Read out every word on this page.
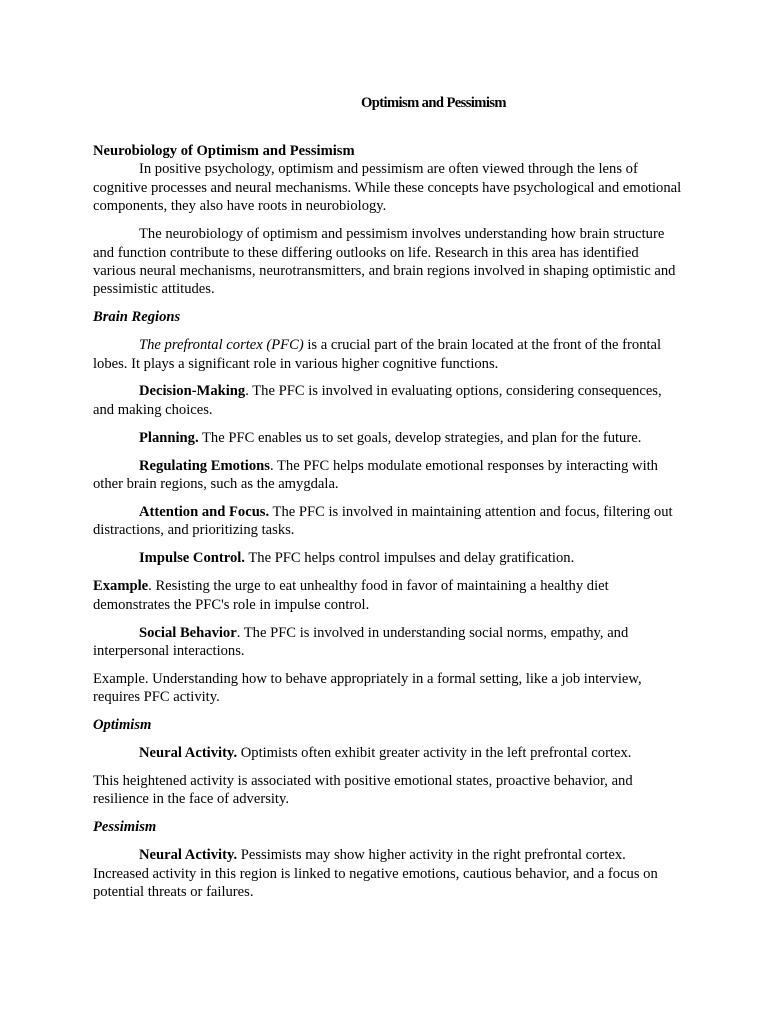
Optimism and Pessimism

Neurobiology of Optimism and Pessimism

In positive psychology, optimism and pessimism are often viewed through the lens of cognitive processes and neural mechanisms. While these concepts have psychological and emotional components, they also have roots in neurobiology.

The neurobiology of optimism and pessimism involves understanding how brain structure and function contribute to these differing outlooks on life. Research in this area has identified various neural mechanisms, neurotransmitters, and brain regions involved in shaping optimistic and pessimistic attitudes.

Brain Regions

The prefrontal cortex (PFC) is a crucial part of the brain located at the front of the frontal lobes. It plays a significant role in various higher cognitive functions.

Decision-Making. The PFC is involved in evaluating options, considering consequences, and making choices.

Planning. The PFC enables us to set goals, develop strategies, and plan for the future.

Regulating Emotions. The PFC helps modulate emotional responses by interacting with other brain regions, such as the amygdala.

Attention and Focus. The PFC is involved in maintaining attention and focus, filtering out distractions, and prioritizing tasks.

Impulse Control. The PFC helps control impulses and delay gratification.

Example. Resisting the urge to eat unhealthy food in favor of maintaining a healthy diet demonstrates the PFC's role in impulse control.

Social Behavior. The PFC is involved in understanding social norms, empathy, and interpersonal interactions.

Example. Understanding how to behave appropriately in a formal setting, like a job interview, requires PFC activity.

Optimism

Neural Activity. Optimists often exhibit greater activity in the left prefrontal cortex.

This heightened activity is associated with positive emotional states, proactive behavior, and resilience in the face of adversity.

Pessimism

Neural Activity. Pessimists may show higher activity in the right prefrontal cortex. Increased activity in this region is linked to negative emotions, cautious behavior, and a focus on potential threats or failures.
